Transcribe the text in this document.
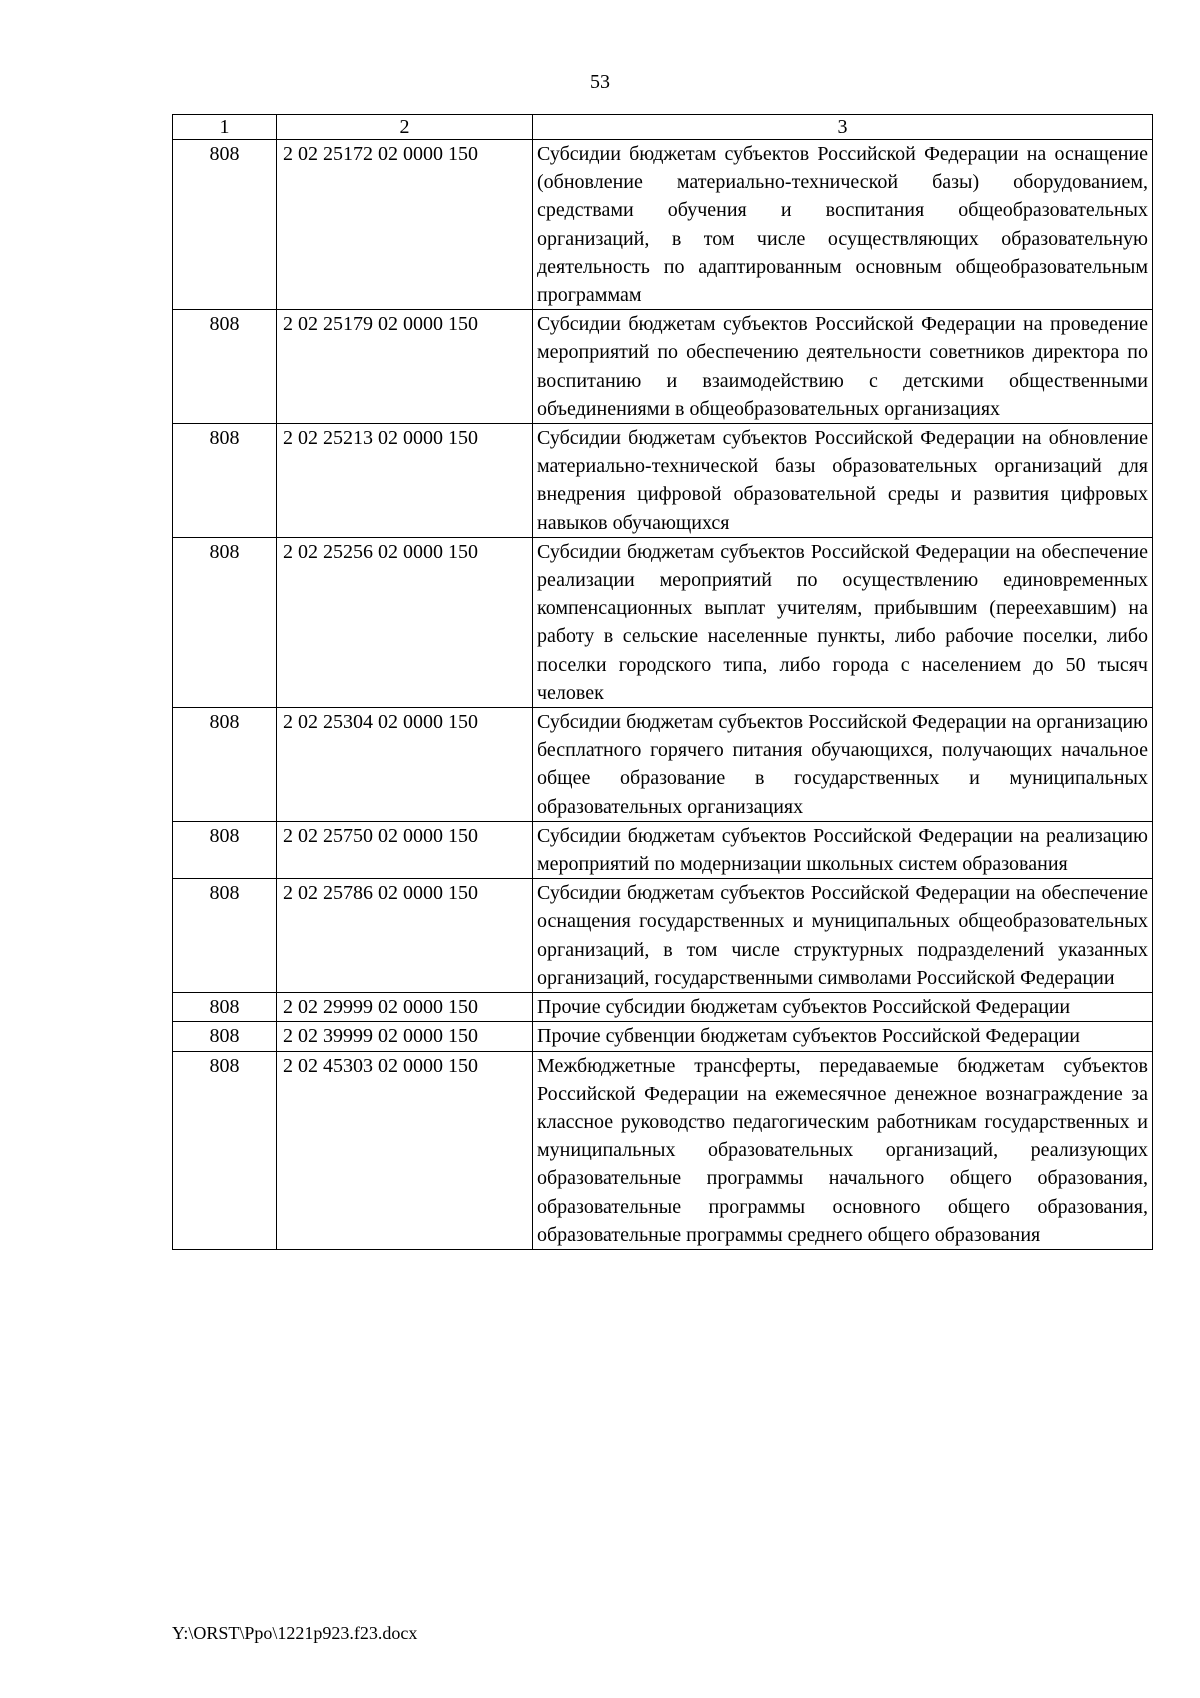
53
1	2	3
808	2 02 25172 02 0000 150	Субсидии бюджетам субъектов Российской Федерации на оснащение (обновление материально-технической базы) оборудованием, средствами обучения и воспитания общеобразовательных организаций, в том числе осуществляющих образовательную деятельность по адаптированным основным общеобразовательным программам
808	2 02 25179 02 0000 150	Субсидии бюджетам субъектов Российской Федерации на проведение мероприятий по обеспечению деятельности советников директора по воспитанию и взаимодействию с детскими общественными объединениями в общеобразовательных организациях
808	2 02 25213 02 0000 150	Субсидии бюджетам субъектов Российской Федерации на обновление материально-технической базы образовательных организаций для внедрения цифровой образовательной среды и развития цифровых навыков обучающихся
808	2 02 25256 02 0000 150	Субсидии бюджетам субъектов Российской Федерации на обеспечение реализации мероприятий по осуществлению единовременных компенсационных выплат учителям, прибывшим (переехавшим) на работу в сельские населенные пункты, либо рабочие поселки, либо поселки городского типа, либо города с населением до 50 тысяч человек
808	2 02 25304 02 0000 150	Субсидии бюджетам субъектов Российской Федерации на организацию бесплатного горячего питания обучающихся, получающих начальное общее образование в государственных и муниципальных образовательных организациях
808	2 02 25750 02 0000 150	Субсидии бюджетам субъектов Российской Федерации на реализацию мероприятий по модернизации школьных систем образования
808	2 02 25786 02 0000 150	Субсидии бюджетам субъектов Российской Федерации на обеспечение оснащения государственных и муниципальных общеобразовательных организаций, в том числе структурных подразделений указанных организаций, государственными символами Российской Федерации
808	2 02 29999 02 0000 150	Прочие субсидии бюджетам субъектов Российской Федерации
808	2 02 39999 02 0000 150	Прочие субвенции бюджетам субъектов Российской Федерации
808	2 02 45303 02 0000 150	Межбюджетные трансферты, передаваемые бюджетам субъектов Российской Федерации на ежемесячное денежное вознаграждение за классное руководство педагогическим работникам государственных и муниципальных образовательных организаций, реализующих образовательные программы начального общего образования, образовательные программы основного общего образования, образовательные программы среднего общего образования
Y:\ORST\Ppo\1221p923.f23.docx
